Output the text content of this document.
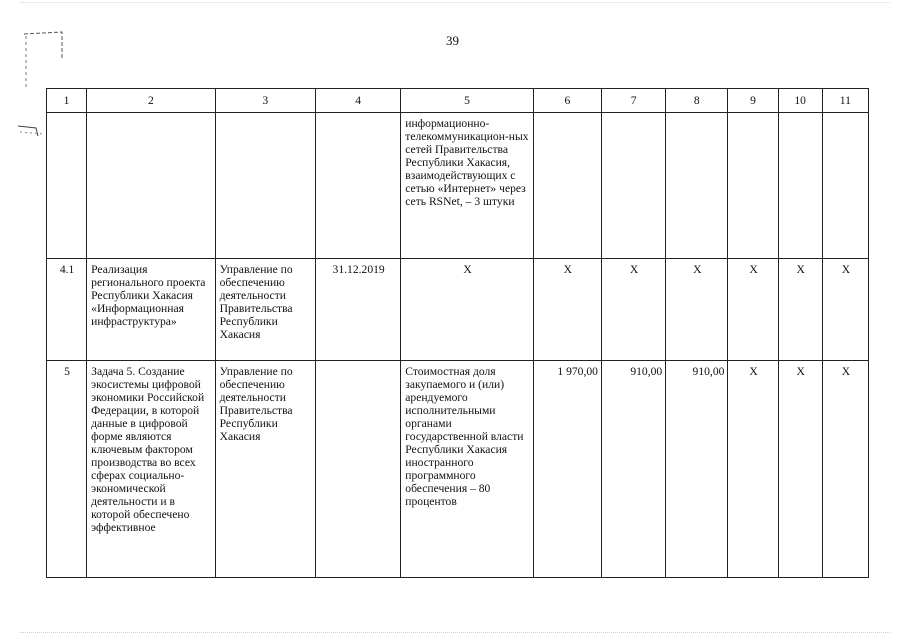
39
1	2	3	4	5	6	7	8	9	10	11
				информационно-телекоммуникацион-ных сетей Правительства Республики Хакасия, взаимодействующих с сетью «Интернет» через сеть RSNet, – 3 штуки						
4.1	Реализация регионального проекта Республики Хакасия «Информационная инфраструктура»	Управление по обеспечению деятельности Правительства Республики Хакасия	31.12.2019	Х	Х	Х	Х	Х	Х	Х
5	Задача 5. Создание экосистемы цифровой экономики Российской Федерации, в которой данные в цифровой форме являются ключевым фактором производства во всех сферах социально-экономической деятельности и в которой обеспечено эффективное	Управление по обеспечению деятельности Правительства Республики Хакасия		Стоимостная доля закупаемого и (или) арендуемого исполнительными органами государственной власти Республики Хакасия иностранного программного обеспечения – 80 процентов	1 970,00	910,00	910,00	Х	Х	Х
